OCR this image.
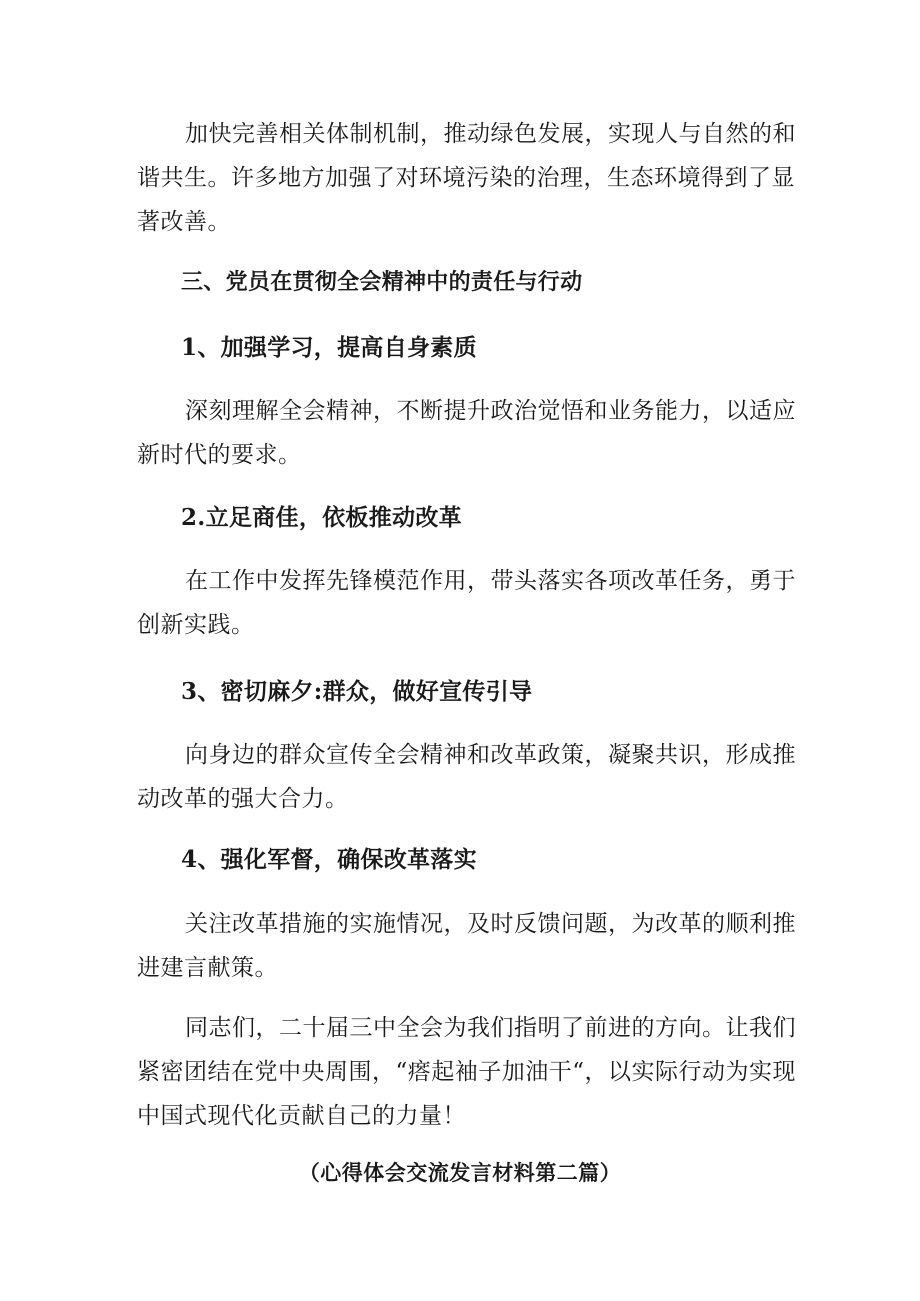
加快完善相关体制机制，推动绿色发展，实现人与自然的和谐共生。许多地方加强了对环境污染的治理，生态环境得到了显著改善。

三、党员在贯彻全会精神中的责任与行动
1、加强学习，提高自身素质

深刻理解全会精神，不断提升政治觉悟和业务能力，以适应新时代的要求。

2.立足商佳，依板推动改革

在工作中发挥先锋模范作用，带头落实各项改革任务，勇于创新实践。

3、密切麻夕:群众，做好宣传引导

向身边的群众宣传全会精神和改革政策，凝聚共识，形成推动改革的强大合力。

4、强化军督，确保改革落实

关注改革措施的实施情况，及时反馈问题，为改革的顺利推进建言献策。

同志们，二十届三中全会为我们指明了前进的方向。让我们紧密团结在党中央周围，“瘩起袖子加油干“，以实际行动为实现中国式现代化贡献自己的力量！

（心得体会交流发言材料第二篇）
